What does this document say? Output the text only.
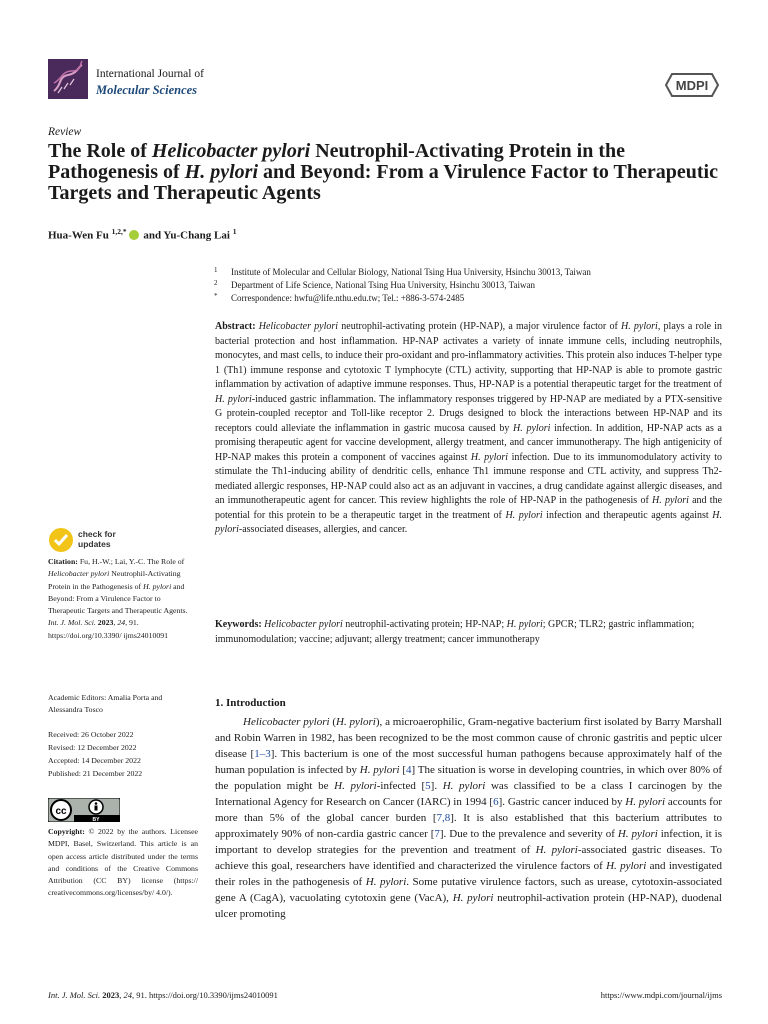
International Journal of
Molecular Sciences	MDPI
Review
The Role of Helicobacter pylori Neutrophil-Activating Protein in the Pathogenesis of H. pylori and Beyond: From a Virulence Factor to Therapeutic Targets and Therapeutic Agents
Hua-Wen Fu $^{1,2,*}$ and Yu-Chang Lai $^1$
1 Institute of Molecular and Cellular Biology, National Tsing Hua University, Hsinchu 30013, Taiwan
2 Department of Life Science, National Tsing Hua University, Hsinchu 30013, Taiwan
* Correspondence: hwfu@life.nthu.edu.tw; Tel.: +886-3-574-2485
Abstract: Helicobacter pylori neutrophil-activating protein (HP-NAP), a major virulence factor of H. pylori, plays a role in bacterial protection and host inflammation. HP-NAP activates a variety of innate immune cells, including neutrophils, monocytes, and mast cells, to induce their pro-oxidant and pro-inflammatory activities. This protein also induces T-helper type 1 (Th1) immune response and cytotoxic T lymphocyte (CTL) activity, supporting that HP-NAP is able to promote gastric inflammation by activation of adaptive immune responses. Thus, HP-NAP is a potential therapeutic target for the treatment of H. pylori-induced gastric inflammation. The inflammatory responses triggered by HP-NAP are mediated by a PTX-sensitive G protein-coupled receptor and Toll-like receptor 2. Drugs designed to block the interactions between HP-NAP and its receptors could alleviate the inflammation in gastric mucosa caused by H. pylori infection. In addition, HP-NAP acts as a promising therapeutic agent for vaccine development, allergy treatment, and cancer immunotherapy. The high antigenicity of HP-NAP makes this protein a component of vaccines against H. pylori infection. Due to its immunomodulatory activity to stimulate the Th1-inducing ability of dendritic cells, enhance Th1 immune response and CTL activity, and suppress Th2-mediated allergic responses, HP-NAP could also act as an adjuvant in vaccines, a drug candidate against allergic diseases, and an immunotherapeutic agent for cancer. This review highlights the role of HP-NAP in the pathogenesis of H. pylori and the potential for this protein to be a therapeutic target in the treatment of H. pylori infection and therapeutic agents against H. pylori-associated diseases, allergies, and cancer.
Keywords: Helicobacter pylori neutrophil-activating protein; HP-NAP; H. pylori; GPCR; TLR2; gastric inflammation; immunomodulation; vaccine; adjuvant; allergy treatment; cancer immunotherapy
check for
updates
Citation: Fu, H.-W.; Lai, Y.-C. The Role of Helicobacter pylori Neutrophil-Activating Protein in the Pathogenesis of H. pylori and Beyond: From a Virulence Factor to Therapeutic Targets and Therapeutic Agents. Int. J. Mol. Sci. 2023, 24, 91. https://doi.org/10.3390/ ijms24010091
Academic Editors: Amalia Porta and Alessandra Tosco
Received: 26 October 2022
Revised: 12 December 2022
Accepted: 14 December 2022
Published: 21 December 2022
cc
BY
Copyright: © 2022 by the authors. Licensee MDPI, Basel, Switzerland. This article is an open access article distributed under the terms and conditions of the Creative Commons Attribution (CC BY) license (https:// creativecommons.org/licenses/by/ 4.0/).
1. Introduction

Helicobacter pylori (H. pylori), a microaerophilic, Gram-negative bacterium first isolated by Barry Marshall and Robin Warren in 1982, has been recognized to be the most common cause of chronic gastritis and peptic ulcer disease [1–3]. This bacterium is one of the most successful human pathogens because approximately half of the human population is infected by H. pylori [4] The situation is worse in developing countries, in which over 80% of the population might be H. pylori-infected [5]. H. pylori was classified to be a class I carcinogen by the International Agency for Research on Cancer (IARC) in 1994 [6]. Gastric cancer induced by H. pylori accounts for more than 5% of the global cancer burden [7,8]. It is also established that this bacterium attributes to approximately 90% of non-cardia gastric cancer [7]. Due to the prevalence and severity of H. pylori infection, it is important to develop strategies for the prevention and treatment of H. pylori-associated gastric diseases. To achieve this goal, researchers have identified and characterized the virulence factors of H. pylori and investigated their roles in the pathogenesis of H. pylori. Some putative virulence factors, such as urease, cytotoxin-associated gene A (CagA), vacuolating cytotoxin gene (VacA), H. pylori neutrophil-activation protein (HP-NAP), duodenal ulcer promoting

Int. J. Mol. Sci. 2023, 24, 91. https://doi.org/10.3390/ijms24010091	https://www.mdpi.com/journal/ijms
